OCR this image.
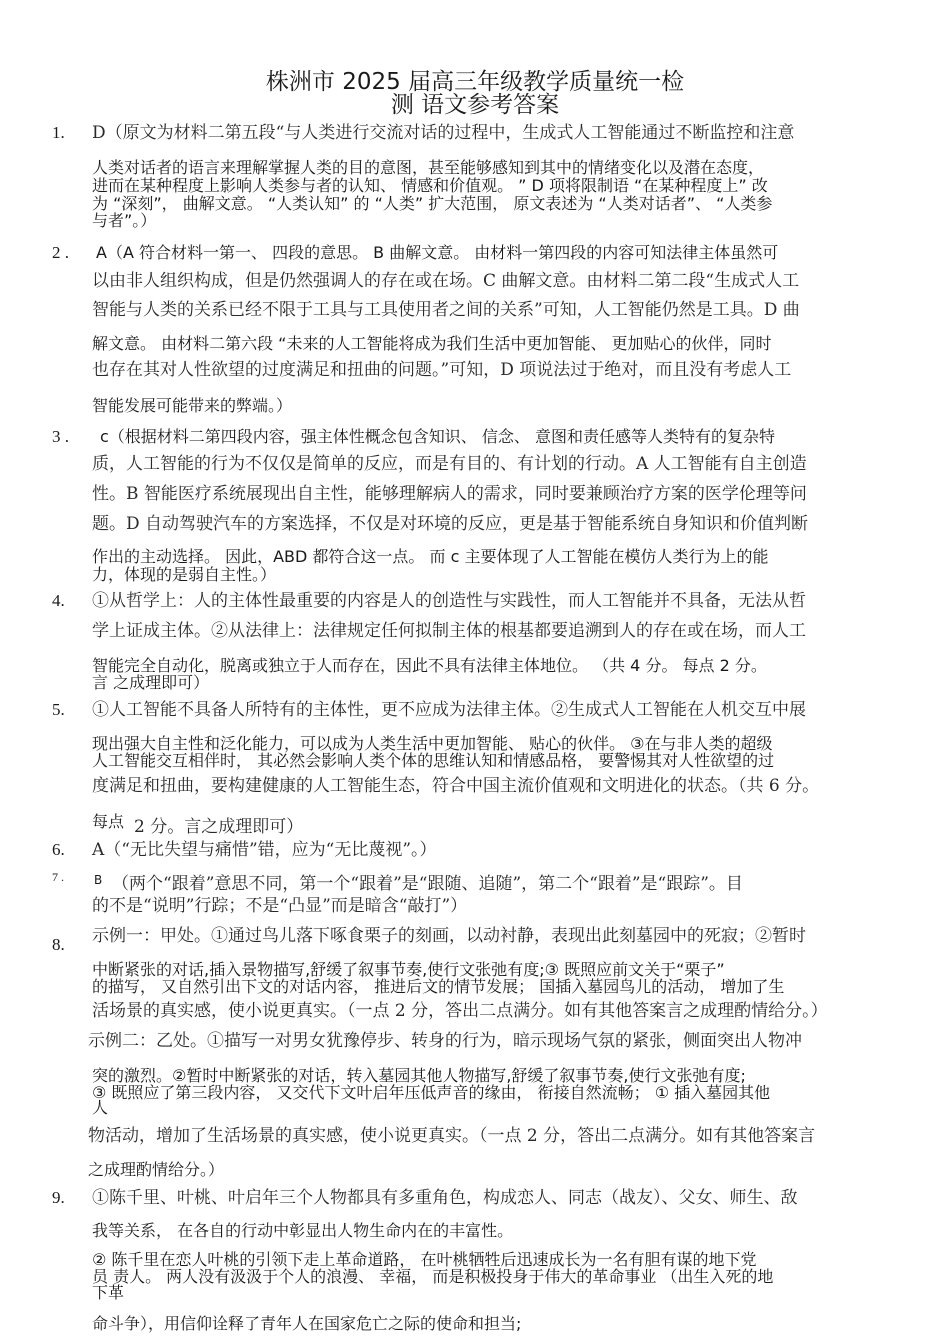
株洲市 2025 届高三年级教学质量统一检
测 语文参考答案
1. D（原文为材料二第五段“与人类进行交流对话的过程中，生成式人工智能通过不断监控和注意
人类对话者的语言来理解掌握人类的目的意图，甚至能够感知到其中的情绪变化以及潜在态度，
进而在某种程度上影响人类参与者的认知、 情感和价值观。 ” D 项将限制语 “在某种程度上” 改
为 “深刻”， 曲解文意。 “人类认知” 的 “人类” 扩大范围， 原文表述为 “人类对话者”、 “人类参
与者”。）
2 . A（A 符合材料一第一、 四段的意思。 B 曲解文意。 由材料一第四段的内容可知法律主体虽然可
以由非人组织构成，但是仍然强调人的存在或在场。C 曲解文意。由材料二第二段“生成式人工
智能与人类的关系已经不限于工具与工具使用者之间的关系”可知，人工智能仍然是工具。D 曲
解文意。 由材料二第六段 “未来的人工智能将成为我们生活中更加智能、 更加贴心的伙伴，同时
也存在其对人性欲望的过度满足和扭曲的问题。”可知，D 项说法过于绝对，而且没有考虑人工
智能发展可能带来的弊端。）
3 . c（根据材料二第四段内容，强主体性概念包含知识、 信念、 意图和责任感等人类特有的复杂特
质，人工智能的行为不仅仅是简单的反应，而是有目的、有计划的行动。A 人工智能有自主创造
性。B 智能医疗系统展现出自主性，能够理解病人的需求，同时要兼顾治疗方案的医学伦理等问
题。D 自动驾驶汽车的方案选择，不仅是对环境的反应，更是基于智能系统自身知识和价值判断
作出的主动选择。 因此，ABD 都符合这一点。 而 c 主要体现了人工智能在模仿人类行为上的能
力，体现的是弱自主性。）
4. ①从哲学上：人的主体性最重要的内容是人的创造性与实践性，而人工智能并不具备，无法从哲
学上证成主体。②从法律上：法律规定任何拟制主体的根基都要追溯到人的存在或在场，而人工
智能完全自动化，脱离或独立于人而存在，因此不具有法律主体地位。 （共 4 分。 每点 2 分。
言 之成理即可）
5. ①人工智能不具备人所特有的主体性，更不应成为法律主体。②生成式人工智能在人机交互中展
现出强大自主性和泛化能力，可以成为人类生活中更加智能、 贴心的伙伴。 ③在与非人类的超级
人工智能交互相伴时， 其必然会影响人类个体的思维认知和情感品格， 要警惕其对人性欲望的过
度满足和扭曲，要构建健康的人工智能生态，符合中国主流价值观和文明进化的状态。（共 6 分。
每点 2 分。言之成理即可）
6. A（“无比失望与痛惜”错，应为“无比蔑视”。）
7 .	B （两个“跟着”意思不同，第一个“跟着”是“跟随、追随”，第二个“跟着”是“跟踪”。目
的不是“说明”行踪；不是“凸显”而是暗含“敲打”）
8. 示例一：甲处。①通过鸟儿落下啄食栗子的刻画，以动衬静，表现出此刻墓园中的死寂；②暂时
中断紧张的对话,插入景物描写,舒缓了叙事节奏,使行文张弛有度;③ 既照应前文关于“栗子”
的描写， 又自然引出下文的对话内容， 推进后文的情节发展； 国插入墓园鸟儿的活动， 增加了生
活场景的真实感，使小说更真实。（一点 2 分，答出二点满分。如有其他答案言之成理酌情给分。）
示例二：乙处。①描写一对男女犹豫停步、转身的行为，暗示现场气氛的紧张，侧面突出人物冲
突的激烈。②暂时中断紧张的对话，转入墓园其他人物描写,舒缓了叙事节奏,使行文张弛有度;
③ 既照应了第三段内容， 又交代下文叶启年压低声音的缘由， 衔接自然流畅； ① 插入墓园其他
人
物活动，增加了生活场景的真实感，使小说更真实。（一点 2 分，答出二点满分。如有其他答案言
之成理酌情给分。）
9. ①陈千里、叶桃、叶启年三个人物都具有多重角色，构成恋人、同志（战友）、父女、师生、敌
我等关系， 在各自的行动中彰显出人物生命内在的丰富性。
② 陈千里在恋人叶桃的引领下走上革命道路， 在叶桃牺牲后迅速成长为一名有胆有谋的地下党
员 责人。 两人没有汲汲于个人的浪漫、 幸福， 而是积极投身于伟大的革命事业 （出生入死的地
下革
命斗争），用信仰诠释了青年人在国家危亡之际的使命和担当;
